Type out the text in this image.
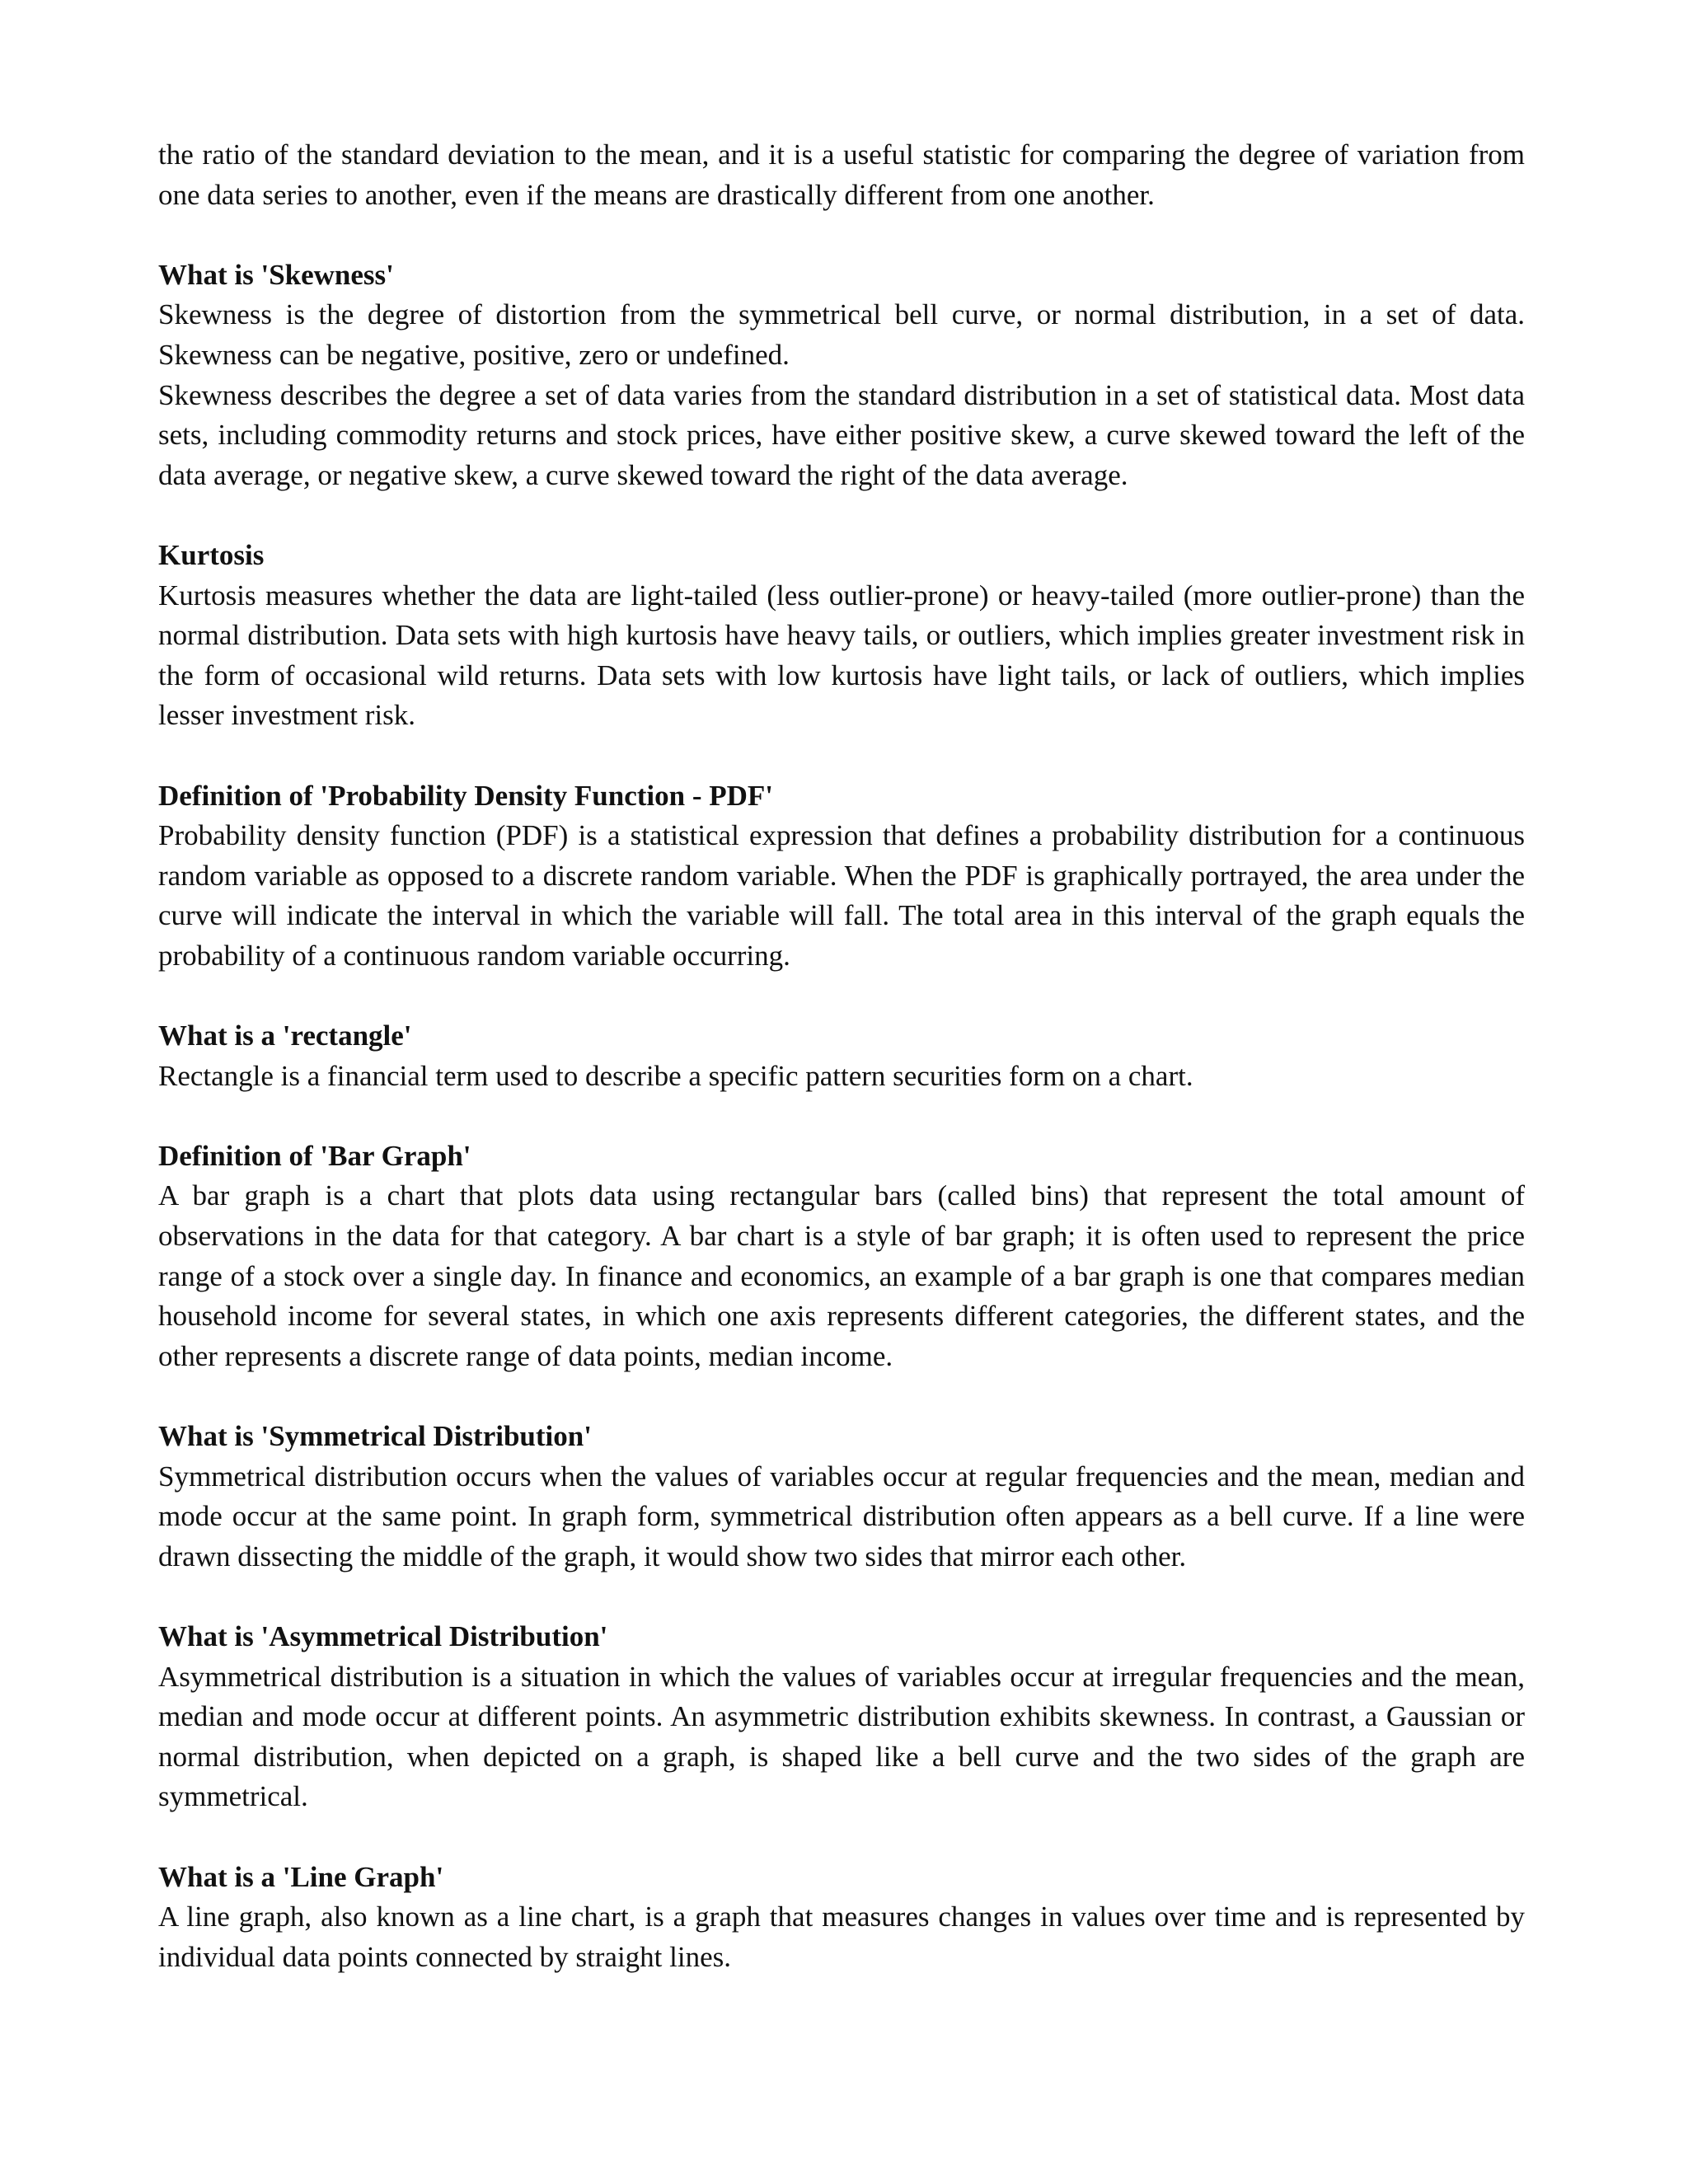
the ratio of the standard deviation to the mean, and it is a useful statistic for comparing the degree of variation from one data series to another, even if the means are drastically different from one another.

What is 'Skewness'

Skewness is the degree of distortion from the symmetrical bell curve, or normal distribution, in a set of data. Skewness can be negative, positive, zero or undefined.

Skewness describes the degree a set of data varies from the standard distribution in a set of statistical data. Most data sets, including commodity returns and stock prices, have either positive skew, a curve skewed toward the left of the data average, or negative skew, a curve skewed toward the right of the data average.

Kurtosis

Kurtosis measures whether the data are light-tailed (less outlier-prone) or heavy-tailed (more outlier-prone) than the normal distribution. Data sets with high kurtosis have heavy tails, or outliers, which implies greater investment risk in the form of occasional wild returns. Data sets with low kurtosis have light tails, or lack of outliers, which implies lesser investment risk.

Definition of 'Probability Density Function - PDF'

Probability density function (PDF) is a statistical expression that defines a probability distribution for a continuous random variable as opposed to a discrete random variable. When the PDF is graphically portrayed, the area under the curve will indicate the interval in which the variable will fall. The total area in this interval of the graph equals the probability of a continuous random variable occurring.

What is a 'rectangle'

Rectangle is a financial term used to describe a specific pattern securities form on a chart.

Definition of 'Bar Graph'

A bar graph is a chart that plots data using rectangular bars (called bins) that represent the total amount of observations in the data for that category. A bar chart is a style of bar graph; it is often used to represent the price range of a stock over a single day. In finance and economics, an example of a bar graph is one that compares median household income for several states, in which one axis represents different categories, the different states, and the other represents a discrete range of data points, median income.

What is 'Symmetrical Distribution'

Symmetrical distribution occurs when the values of variables occur at regular frequencies and the mean, median and mode occur at the same point. In graph form, symmetrical distribution often appears as a bell curve. If a line were drawn dissecting the middle of the graph, it would show two sides that mirror each other.

What is 'Asymmetrical Distribution'

Asymmetrical distribution is a situation in which the values of variables occur at irregular frequencies and the mean, median and mode occur at different points. An asymmetric distribution exhibits skewness. In contrast, a Gaussian or normal distribution, when depicted on a graph, is shaped like a bell curve and the two sides of the graph are symmetrical.

What is a 'Line Graph'

A line graph, also known as a line chart, is a graph that measures changes in values over time and is represented by individual data points connected by straight lines.
